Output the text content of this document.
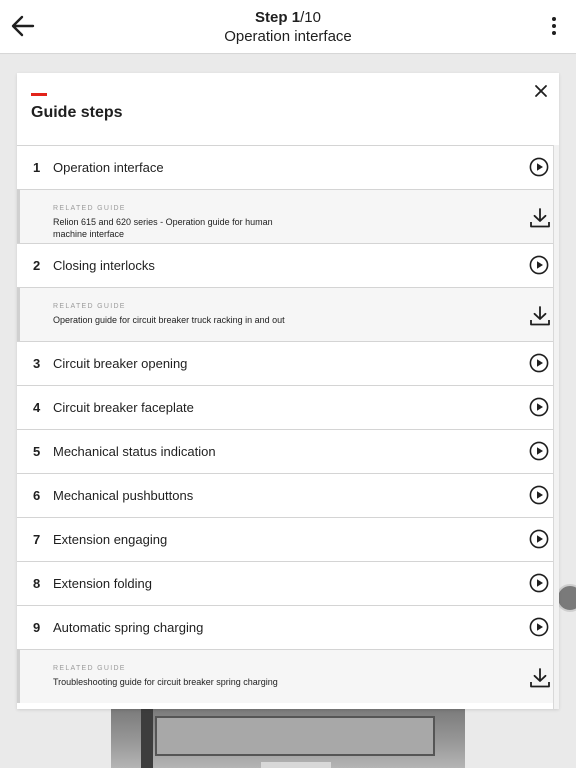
Step 1/10
Operation interface
Guide steps
1 Operation interface
RELATED GUIDE
Relion 615 and 620 series - Operation guide for human machine interface
2 Closing interlocks
RELATED GUIDE
Operation guide for circuit breaker truck racking in and out
3 Circuit breaker opening
4 Circuit breaker faceplate
5 Mechanical status indication
6 Mechanical pushbuttons
7 Extension engaging
8 Extension folding
9 Automatic spring charging
RELATED GUIDE
Troubleshooting guide for circuit breaker spring charging
